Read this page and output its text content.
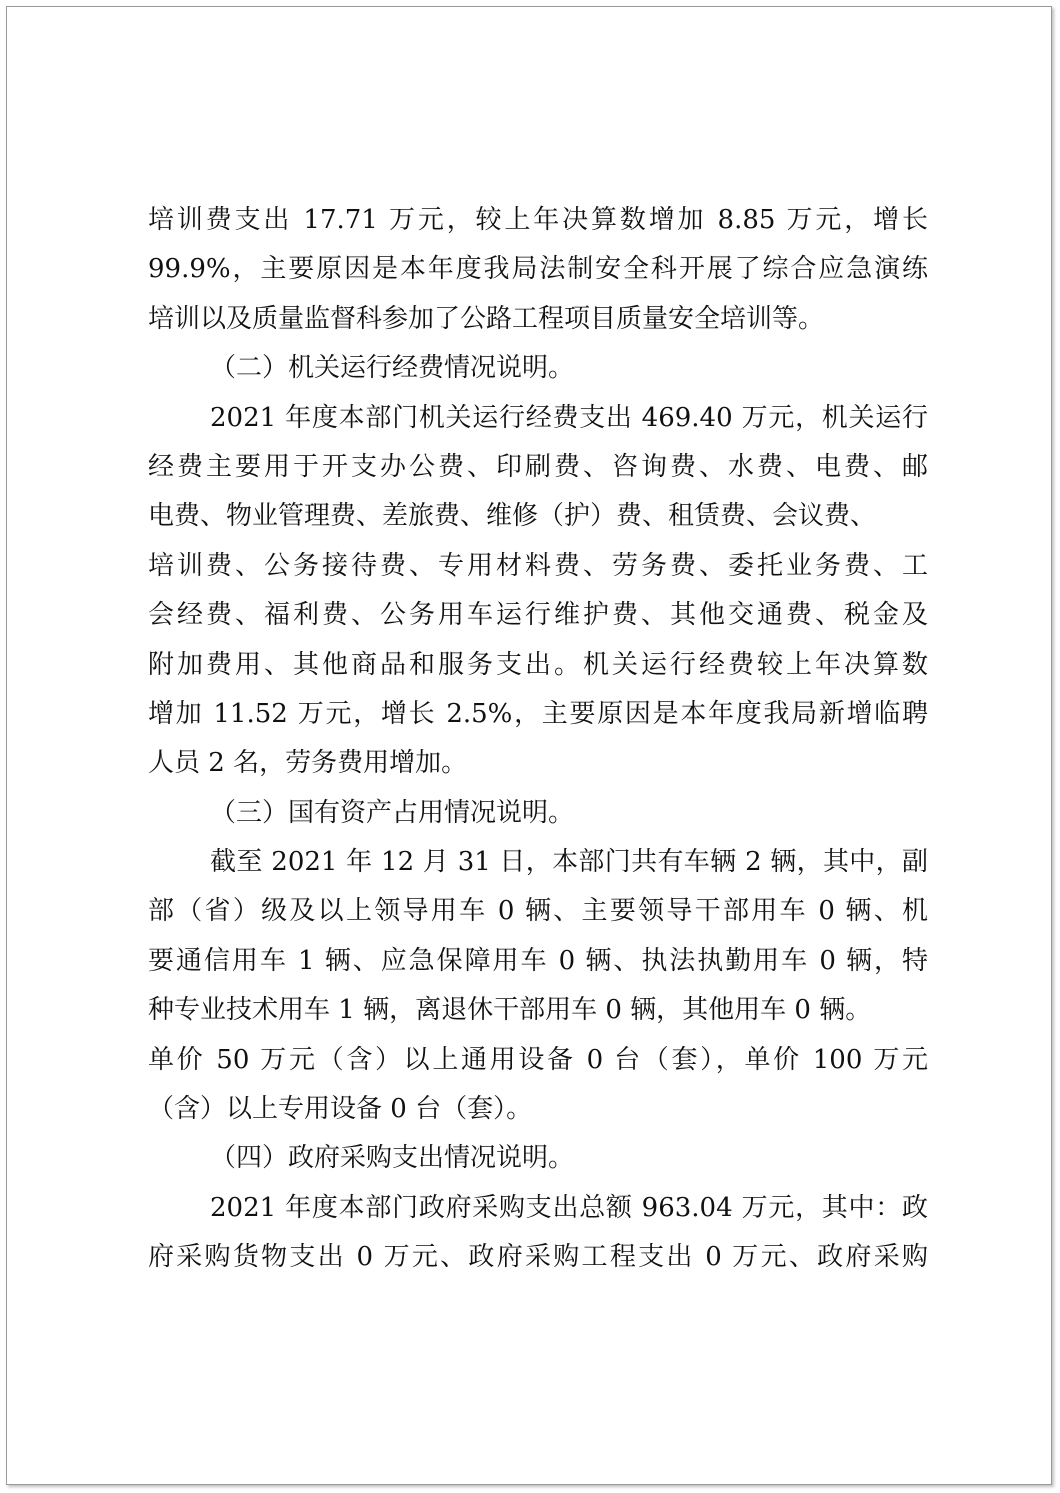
培训费支出 17.71 万元，较上年决算数增加 8.85 万元，增长
99.9%，主要原因是本年度我局法制安全科开展了综合应急演练
培训以及质量监督科参加了公路工程项目质量安全培训等。
（二）机关运行经费情况说明。
2021 年度本部门机关运行经费支出 469.40 万元，机关运行
经费主要用于开支办公费、印刷费、咨询费、水费、电费、邮
电费、物业管理费、差旅费、维修（护）费、租赁费、会议费、
培训费、公务接待费、专用材料费、劳务费、委托业务费、工
会经费、福利费、公务用车运行维护费、其他交通费、税金及
附加费用、其他商品和服务支出。机关运行经费较上年决算数
增加 11.52 万元，增长 2.5%，主要原因是本年度我局新增临聘
人员 2 名，劳务费用增加。
（三）国有资产占用情况说明。
截至 2021 年 12 月 31 日，本部门共有车辆 2 辆，其中，副
部（省）级及以上领导用车 0 辆、主要领导干部用车 0 辆、机
要通信用车 1 辆、应急保障用车 0 辆、执法执勤用车 0 辆，特
种专业技术用车 1 辆，离退休干部用车 0 辆，其他用车 0 辆。
单价 50 万元（含）以上通用设备 0 台（套），单价 100 万元
（含）以上专用设备 0 台（套）。
（四）政府采购支出情况说明。
2021 年度本部门政府采购支出总额 963.04 万元，其中：政
府采购货物支出 0 万元、政府采购工程支出 0 万元、政府采购
